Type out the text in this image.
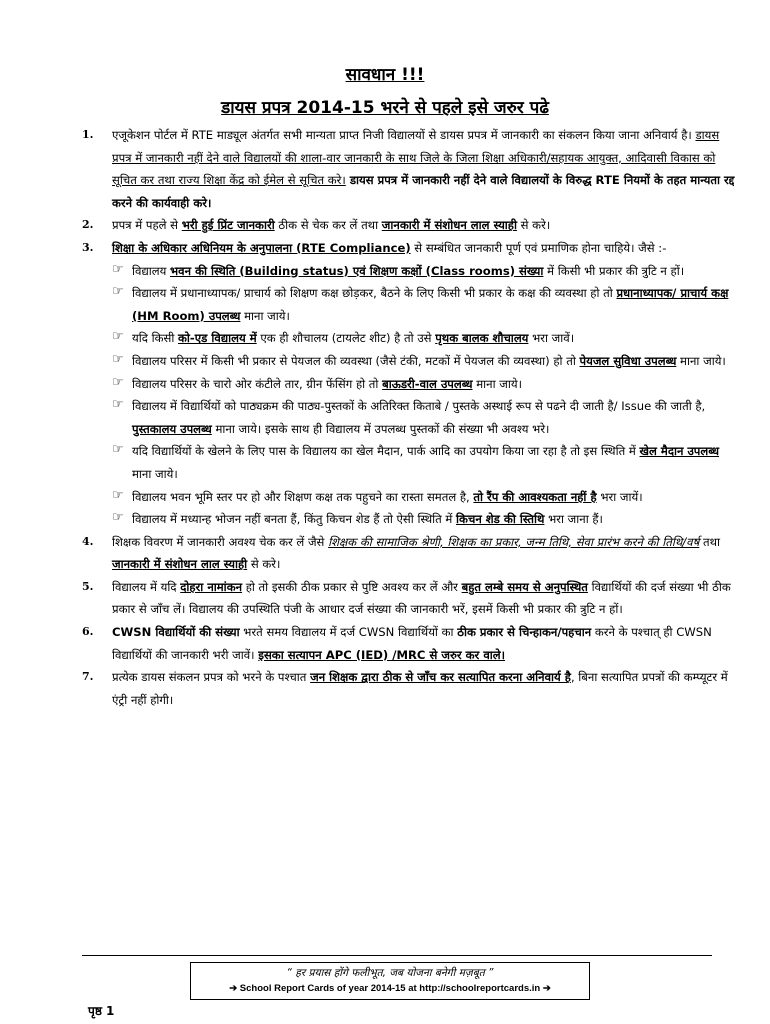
सावधान !!!
डायस प्रपत्र 2014-15 भरने से पहले इसे जरुर पढे
1. एजूकेशन पोर्टल में RTE माड्यूल अंतर्गत सभी मान्यता प्राप्त निजी विद्यालयों से डायस प्रपत्र में जानकारी का संकलन किया जाना अनिवार्य है। डायस प्रपत्र में जानकारी नहीं देने वाले विद्यालयों की शाला-वार जानकारी के साथ जिले के जिला शिक्षा अधिकारी/सहायक आयुक्त, आदिवासी विकास को सूचित कर तथा राज्य शिक्षा केंद्र को ईमेल से सूचित करे। डायस प्रपत्र में जानकारी नहीं देने वाले विद्यालयों के विरुद्ध RTE नियमों के तहत मान्यता रद्द करने की कार्यवाही करे।
2. प्रपत्र में पहले से भरी हुई प्रिंट जानकारी ठीक से चेक कर लें तथा जानकारी में संशोधन लाल स्याही से करे।
3. शिक्षा के अधिकार अधिनियम के अनुपालना (RTE Compliance) से सम्बंधित जानकारी पूर्ण एवं प्रमाणिक होना चाहिये। जैसे :-
☞ विद्यालय भवन की स्थिति (Building status) एवं शिक्षण कक्षों (Class rooms) संख्या में किसी भी प्रकार की त्रुटि न हों।
☞ विद्यालय में प्रधानाध्यापक/ प्राचार्य को शिक्षण कक्ष छोड़कर, बैठने के लिए किसी भी प्रकार के कक्ष की व्यवस्था हो तो प्रधानाध्यापक/ प्राचार्य कक्ष (HM Room) उपलब्ध माना जाये।
☞ यदि किसी को-एड विद्यालय में एक ही शौचालय (टायलेट शीट) है तो उसे पृथक बालक शौचालय भरा जावें।
☞ विद्यालय परिसर में किसी भी प्रकार से पेयजल की व्यवस्था (जैसे टंकी, मटकों में पेयजल की व्यवस्था) हो तो पेयजल सुविधा उपलब्ध माना जाये।
☞ विद्यालय परिसर के चारो ओर कंटीले तार, ग्रीन फेंसिंग हो तो बाऊडरी-वाल उपलब्ध माना जाये।
☞ विद्यालय में विद्यार्थियों को पाठ्यक्रम की पाठ्य-पुस्तकों के अतिरिक्त किताबे / पुस्तके अस्थाई रूप से पढने दी जाती है/ Issue की जाती है, पुस्तकालय उपलब्ध माना जाये। इसके साथ ही विद्यालय में उपलब्ध पुस्तकों की संख्या भी अवश्य भरे।
☞ यदि विद्यार्थियों के खेलने के लिए पास के विद्यालय का खेल मैदान, पार्क आदि का उपयोग किया जा रहा है तो इस स्थिति में खेल मैदान उपलब्ध माना जाये।
☞ विद्यालय भवन भूमि स्तर पर हो और शिक्षण कक्ष तक पहुचने का रास्ता समतल है, तो रैंप की आवश्यकता नहीं है भरा जायें।
☞ विद्यालय में मध्यान्ह भोजन नहीं बनता हैं, किंतु किचन शेड हैं तो ऐसी स्थिति में किचन शेड की स्तिथि भरा जाना हैं।
4. शिक्षक विवरण में जानकारी अवश्य चेक कर लें जैसे शिक्षक की सामाजिक श्रेणी, शिक्षक का प्रकार, जन्म तिथि, सेवा प्रारंभ करने की तिथि/वर्ष तथा जानकारी में संशोधन लाल स्याही से करे।
5. विद्यालय में यदि दोहरा नामांकन हो तो इसकी ठीक प्रकार से पुष्टि अवश्य कर लें और बहुत लम्बे समय से अनुपस्थित विद्यार्थियों की दर्ज संख्या भी ठीक प्रकार से जाँच लें। विद्यालय की उपस्थिति पंजी के आधार दर्ज संख्या की जानकारी भरें, इसमें किसी भी प्रकार की त्रुटि न हों।
6. CWSN विद्यार्थियों की संख्या भरते समय विद्यालय में दर्ज CWSN विद्यार्थियों का ठीक प्रकार से चिन्हाकन/पहचान करने के पश्चात् ही CWSN विद्यार्थियों की जानकारी भरी जावें। इसका सत्यापन APC (IED) /MRC से जरुर कर वाले।
7. प्रत्येक डायस संकलन प्रपत्र को भरने के पश्चात जन शिक्षक द्वारा ठीक से जाँच कर सत्यापित करना अनिवार्य है, बिना सत्यापित प्रपत्रों की कम्प्यूटर में एंट्री नहीं होगी।
“ हर प्रयास होंगे फलीभूत, जब योजना बनेगी मज़बूत ”
➔ School Report Cards of year 2014-15 at http://schoolreportcards.in ➔
पृष्ठ 1
